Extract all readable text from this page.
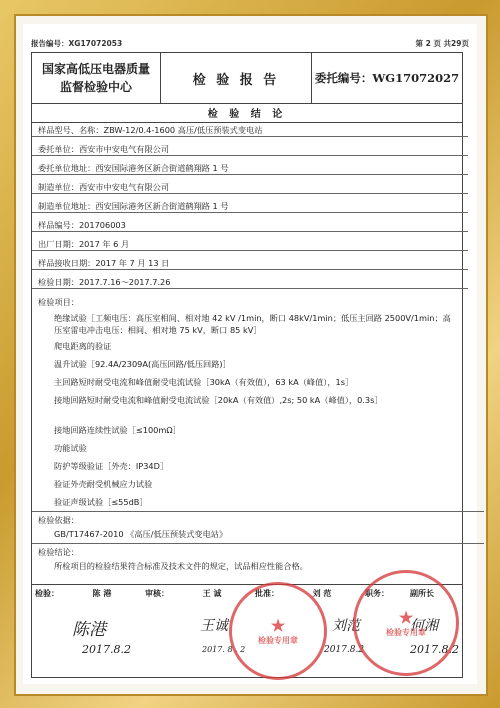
报告编号：XG17072053	第 2 页 共29页
国家高低压电器质量
监督检验中心	检 验 报 告	委托编号： WG17072027
检 验 结 论
样品型号、名称：ZBW-12/0.4-1600 高压/低压预装式变电站
委托单位：西安市中安电气有限公司
委托单位地址：西安国际港务区新合街道鹤翔路 1 号
制造单位：西安市中安电气有限公司
制造单位地址：西安国际港务区新合街道鹤翔路 1 号
样品编号：201706003
出厂日期：2017 年 6 月
样品接收日期：2017 年 7 月 13 日
检验日期：2017.7.16～2017.7.26
检验项目：
绝缘试验［工频电压：高压室相间、相对地 42 kV /1min，断口 48kV/1min；低压主回路 2500V/1min；高压室雷电冲击电压：相间、相对地 75 kV，断口 85 kV］
爬电距离的验证
温升试验［92.4A/2309A(高压回路/低压回路)］
主回路短时耐受电流和峰值耐受电流试验［30kA（有效值），63 kA（峰值），1s］
接地回路短时耐受电流和峰值耐受电流试验［20kA（有效值）,2s; 50 kA（峰值），0.3s］
接地回路连续性试验［≤100mΩ］
功能试验
防护等级验证［外壳：IP34D］
验证外壳耐受机械应力试验
验证声级试验［≤55dB］
检验依据：
GB/T17467-2010 《高压/低压预装式变电站》
检验结论：
所检项目的检验结果符合标准及技术文件的规定，试品相应性能合格。
检验：	陈 港	审核：	王 诚	批准：	刘 范	职务：	副所长
陈港	王诚	刘范	何湘
2017.8.2	2017. 8 . 2	2017.8.2	2017.8.2
★
检验专用章
★
检验专用章
